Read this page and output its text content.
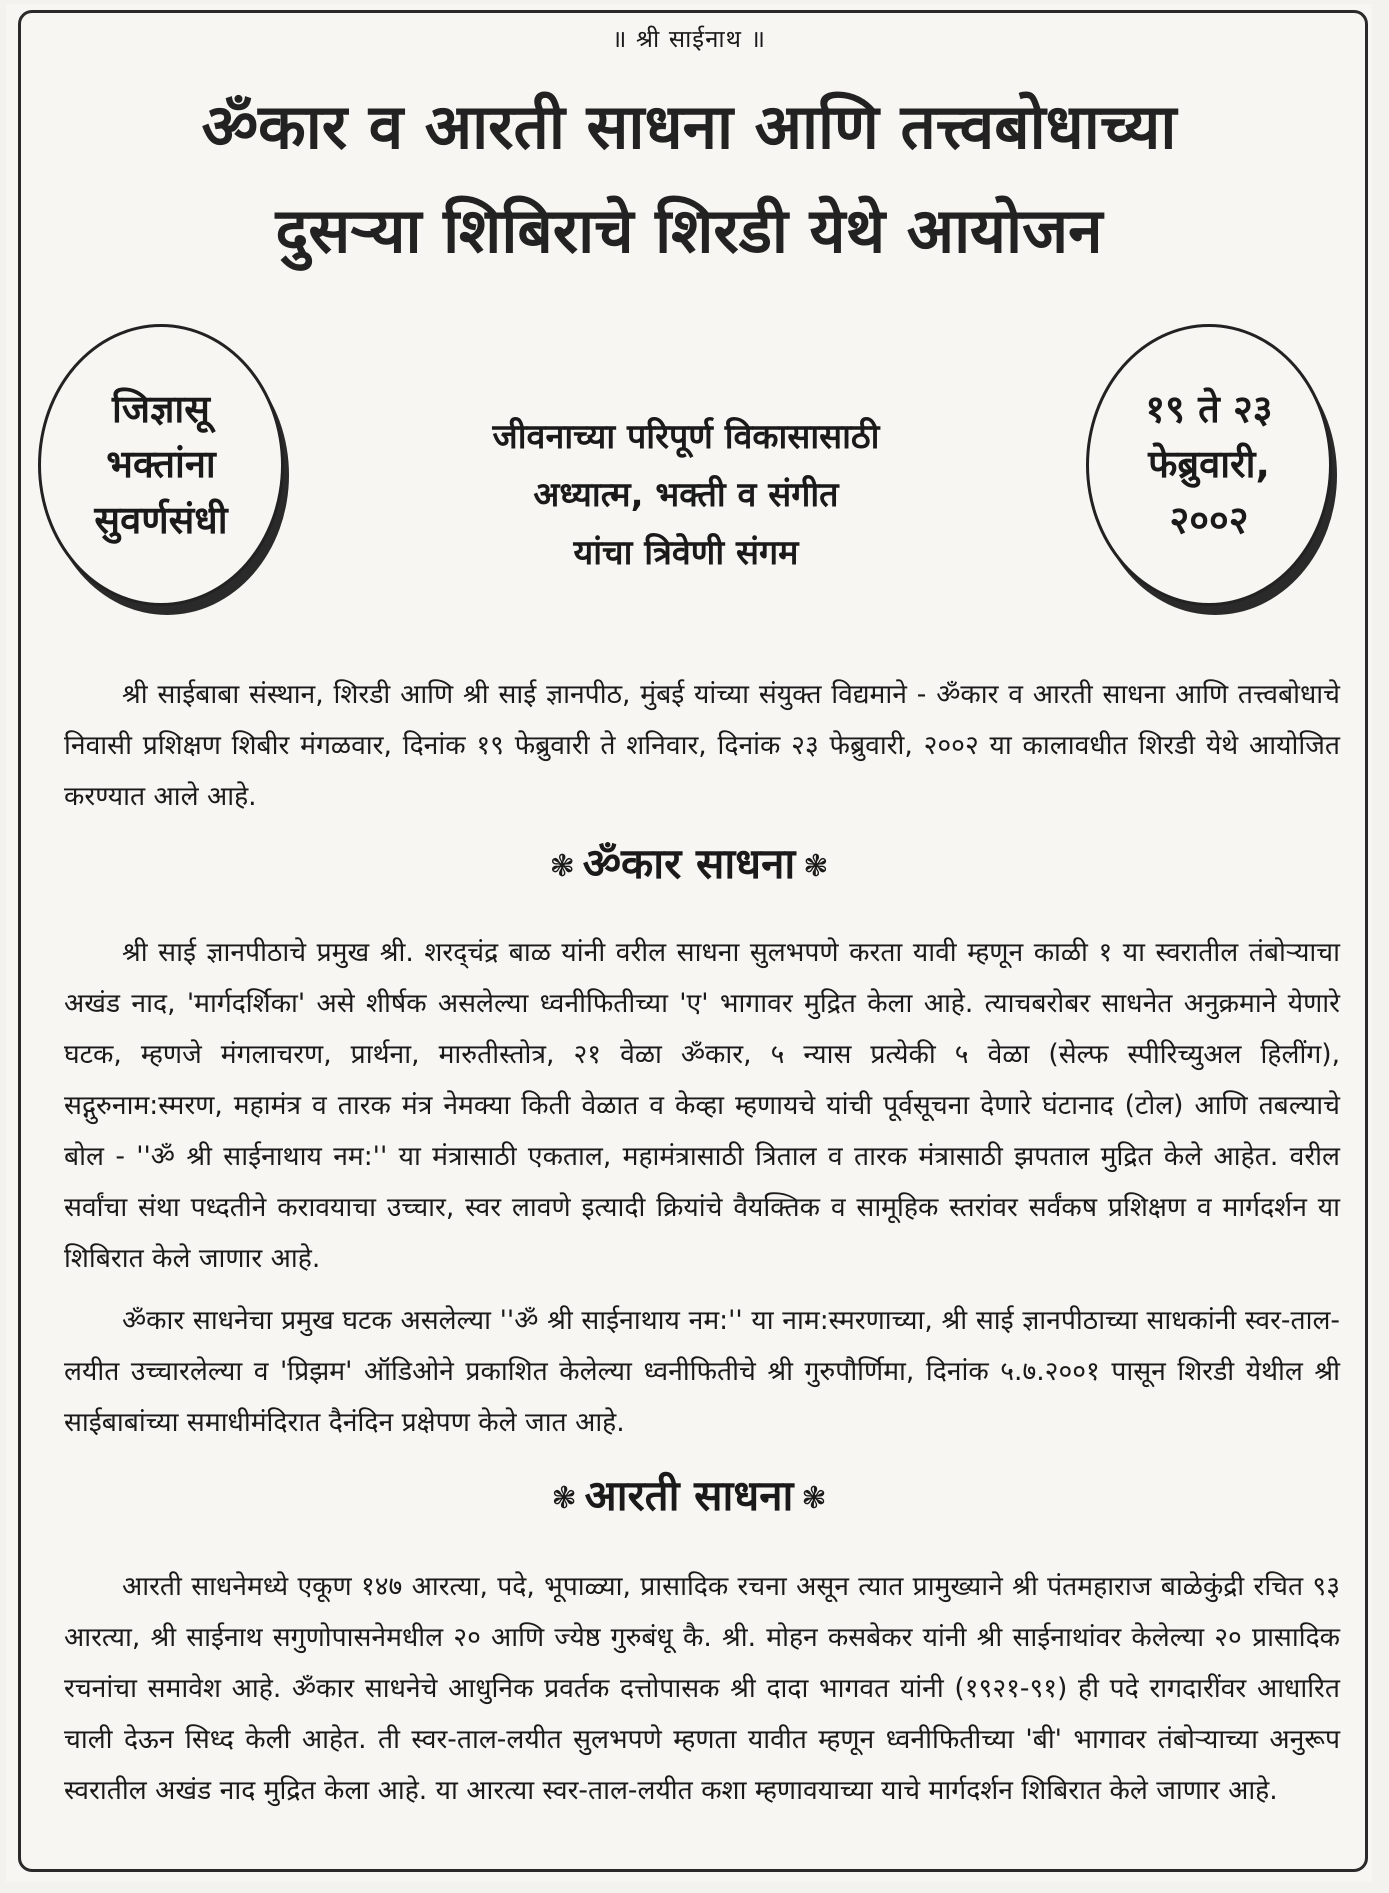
॥ श्री साईनाथ ॥
ॐकार व आरती साधना आणि तत्त्वबोधाच्या
दुसऱ्या शिबिराचे शिरडी येथे आयोजन
जिज्ञासू
भक्तांना
सुवर्णसंधी
जीवनाच्या परिपूर्ण विकासासाठी
अध्यात्म, भक्ती व संगीत
यांचा त्रिवेणी संगम
१९ ते २३
फेब्रुवारी,
२००२

श्री साईबाबा संस्थान, शिरडी आणि श्री साई ज्ञानपीठ, मुंबई यांच्या संयुक्त विद्यमाने - ॐकार व आरती साधना आणि तत्त्वबोधाचे निवासी प्रशिक्षण शिबीर मंगळवार, दिनांक १९ फेब्रुवारी ते शनिवार, दिनांक २३ फेब्रुवारी, २००२ या कालावधीत शिरडी येथे आयोजित करण्यात आले आहे.

❃ ॐकार साधना ❃

श्री साई ज्ञानपीठाचे प्रमुख श्री. शरद्चंद्र बाळ यांनी वरील साधना सुलभपणे करता यावी म्हणून काळी १ या स्वरातील तंबोऱ्याचा अखंड नाद, 'मार्गदर्शिका' असे शीर्षक असलेल्या ध्वनीफितीच्या 'ए' भागावर मुद्रित केला आहे. त्याचबरोबर साधनेत अनुक्रमाने येणारे घटक, म्हणजे मंगलाचरण, प्रार्थना, मारुतीस्तोत्र, २१ वेळा ॐकार, ५ न्यास प्रत्येकी ५ वेळा (सेल्फ स्पीरिच्युअल हिलींग), सद्गुरुनाम:स्मरण, महामंत्र व तारक मंत्र नेमक्या किती वेळात व केव्हा म्हणायचे यांची पूर्वसूचना देणारे घंटानाद (टोल) आणि तबल्याचे बोल - ''ॐ श्री साईनाथाय नम:'' या मंत्रासाठी एकताल, महामंत्रासाठी त्रिताल व तारक मंत्रासाठी झपताल मुद्रित केले आहेत. वरील सर्वांचा संथा पध्दतीने करावयाचा उच्चार, स्वर लावणे इत्यादी क्रियांचे वैयक्तिक व सामूहिक स्तरांवर सर्वंकष प्रशिक्षण व मार्गदर्शन या शिबिरात केले जाणार आहे.

ॐकार साधनेचा प्रमुख घटक असलेल्या ''ॐ श्री साईनाथाय नम:'' या नाम:स्मरणाच्या, श्री साई ज्ञानपीठाच्या साधकांनी स्वर-ताल-लयीत उच्चारलेल्या व 'प्रिझम' ऑडिओने प्रकाशित केलेल्या ध्वनीफितीचे श्री गुरुपौर्णिमा, दिनांक ५.७.२००१ पासून शिरडी येथील श्री साईबाबांच्या समाधीमंदिरात दैनंदिन प्रक्षेपण केले जात आहे.

❃ आरती साधना ❃

आरती साधनेमध्ये एकूण १४७ आरत्या, पदे, भूपाळ्या, प्रासादिक रचना असून त्यात प्रामुख्याने श्री पंतमहाराज बाळेकुंद्री रचित ९३ आरत्या, श्री साईनाथ सगुणोपासनेमधील २० आणि ज्येष्ठ गुरुबंधू कै. श्री. मोहन कसबेकर यांनी श्री साईनाथांवर केलेल्या २० प्रासादिक रचनांचा समावेश आहे. ॐकार साधनेचे आधुनिक प्रवर्तक दत्तोपासक श्री दादा भागवत यांनी (१९२१-९१) ही पदे रागदारींवर आधारित चाली देऊन सिध्द केली आहेत. ती स्वर-ताल-लयीत सुलभपणे म्हणता यावीत म्हणून ध्वनीफितीच्या 'बी' भागावर तंबोऱ्याच्या अनुरूप स्वरातील अखंड नाद मुद्रित केला आहे. या आरत्या स्वर-ताल-लयीत कशा म्हणावयाच्या याचे मार्गदर्शन शिबिरात केले जाणार आहे.
